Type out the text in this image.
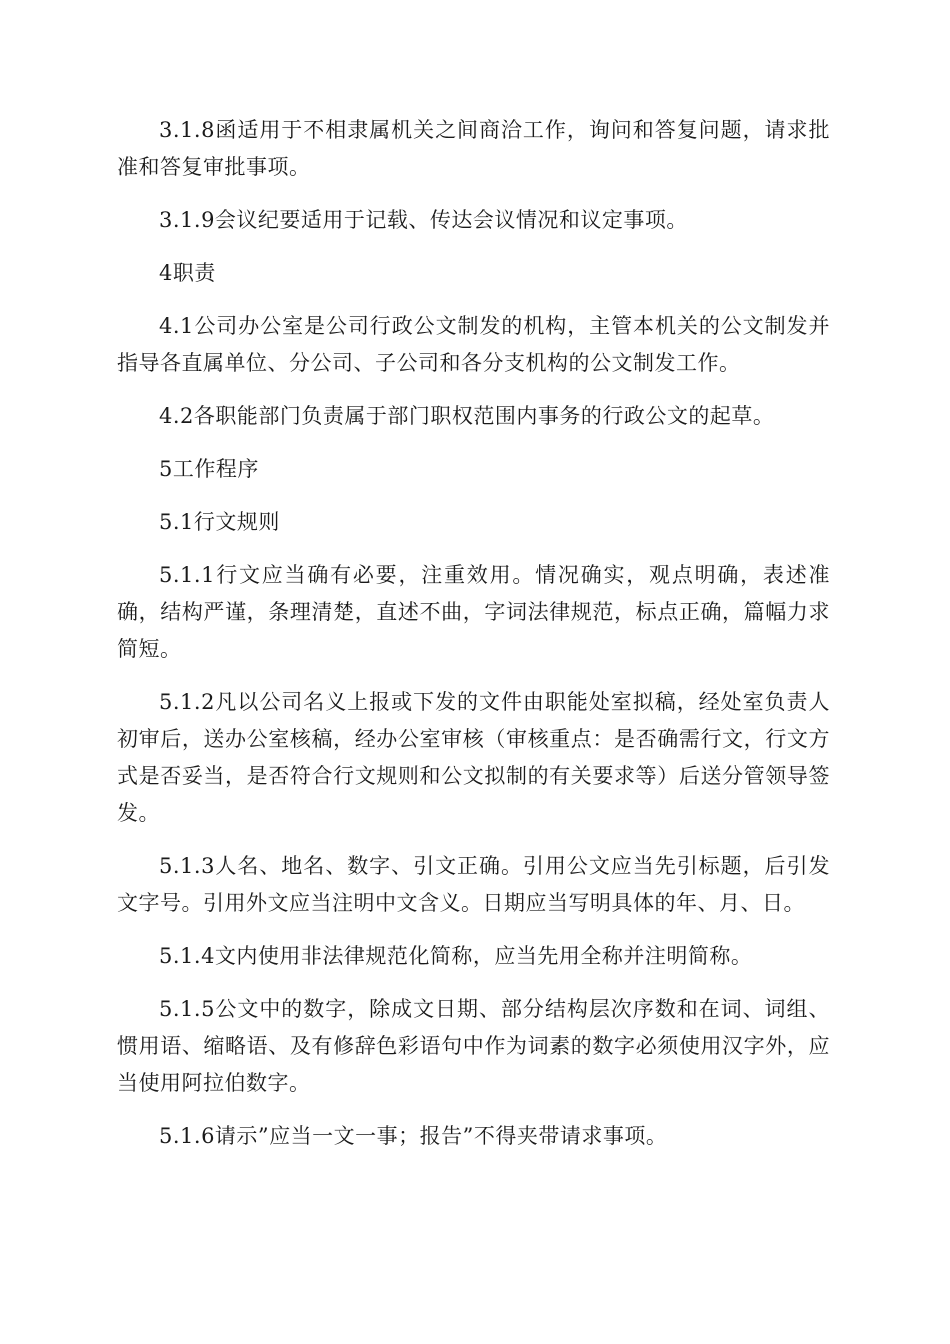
3.1.8函适用于不相隶属机关之间商洽工作，询问和答复问题，请求批准和答复审批事项。

3.1.9会议纪要适用于记载、传达会议情况和议定事项。

4职责

4.1公司办公室是公司行政公文制发的机构，主管本机关的公文制发并指导各直属单位、分公司、子公司和各分支机构的公文制发工作。

4.2各职能部门负责属于部门职权范围内事务的行政公文的起草。

5工作程序

5.1行文规则

5.1.1行文应当确有必要，注重效用。情况确实，观点明确，表述准确，结构严谨，条理清楚，直述不曲，字词法律规范，标点正确，篇幅力求简短。

5.1.2凡以公司名义上报或下发的文件由职能处室拟稿，经处室负责人初审后，送办公室核稿，经办公室审核（审核重点：是否确需行文，行文方式是否妥当，是否符合行文规则和公文拟制的有关要求等）后送分管领导签发。

5.1.3人名、地名、数字、引文正确。引用公文应当先引标题，后引发文字号。引用外文应当注明中文含义。日期应当写明具体的年、月、日。

5.1.4文内使用非法律规范化简称，应当先用全称并注明简称。

5.1.5公文中的数字，除成文日期、部分结构层次序数和在词、词组、惯用语、缩略语、及有修辞色彩语句中作为词素的数字必须使用汉字外，应当使用阿拉伯数字。

5.1.6请示”应当一文一事；报告”不得夹带请求事项。
